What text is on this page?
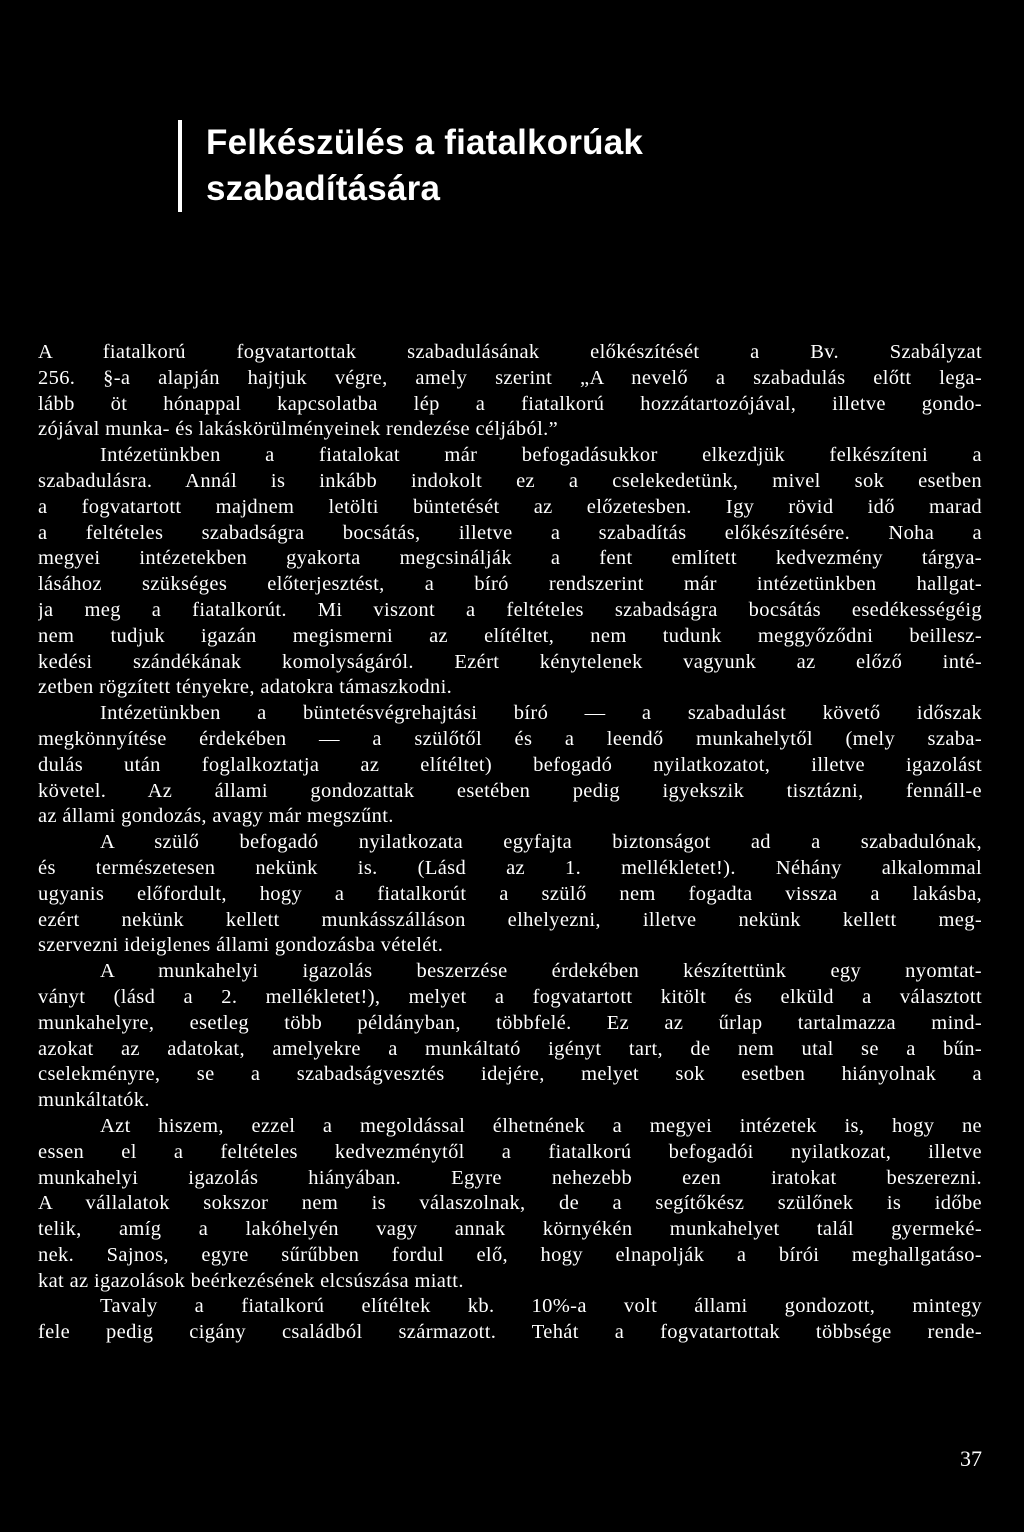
Felkészülés a fiatalkorúak
szabadítására
A fiatalkorú fogvatartottak szabadulásának előkészítését a Bv. Szabályzat
256. §-a alapján hajtjuk végre, amely szerint „A nevelő a szabadulás előtt lega-
lább öt hónappal kapcsolatba lép a fiatalkorú hozzátartozójával, illetve gondo-
zójával munka- és lakáskörülményeinek rendezése céljából.”
Intézetünkben a fiatalokat már befogadásukkor elkezdjük felkészíteni a
szabadulásra. Annál is inkább indokolt ez a cselekedetünk, mivel sok esetben
a fogvatartott majdnem letölti büntetését az előzetesben. Igy rövid idő marad
a feltételes szabadságra bocsátás, illetve a szabadítás előkészítésére. Noha a
megyei intézetekben gyakorta megcsinálják a fent említett kedvezmény tárgya-
lásához szükséges előterjesztést, a bíró rendszerint már intézetünkben hallgat-
ja meg a fiatalkorút. Mi viszont a feltételes szabadságra bocsátás esedékességéig
nem tudjuk igazán megismerni az elítéltet, nem tudunk meggyőződni beillesz-
kedési szándékának komolyságáról. Ezért kénytelenek vagyunk az előző inté-
zetben rögzített tényekre, adatokra támaszkodni.
Intézetünkben a büntetésvégrehajtási bíró — a szabadulást követő időszak
megkönnyítése érdekében — a szülőtől és a leendő munkahelytől (mely szaba-
dulás után foglalkoztatja az elítéltet) befogadó nyilatkozatot, illetve igazolást
követel. Az állami gondozattak esetében pedig igyekszik tisztázni, fennáll-e
az állami gondozás, avagy már megszűnt.
A szülő befogadó nyilatkozata egyfajta biztonságot ad a szabadulónak,
és természetesen nekünk is. (Lásd az 1. mellékletet!). Néhány alkalommal
ugyanis előfordult, hogy a fiatalkorút a szülő nem fogadta vissza a lakásba,
ezért nekünk kellett munkásszálláson elhelyezni, illetve nekünk kellett meg-
szervezni ideiglenes állami gondozásba vételét.
A munkahelyi igazolás beszerzése érdekében készítettünk egy nyomtat-
ványt (lásd a 2. mellékletet!), melyet a fogvatartott kitölt és elküld a választott
munkahelyre, esetleg több példányban, többfelé. Ez az űrlap tartalmazza mind-
azokat az adatokat, amelyekre a munkáltató igényt tart, de nem utal se a bűn-
cselekményre, se a szabadságvesztés idejére, melyet sok esetben hiányolnak a
munkáltatók.
Azt hiszem, ezzel a megoldással élhetnének a megyei intézetek is, hogy ne
essen el a feltételes kedvezménytől a fiatalkorú befogadói nyilatkozat, illetve
munkahelyi igazolás hiányában. Egyre nehezebb ezen iratokat beszerezni.
A vállalatok sokszor nem is válaszolnak, de a segítőkész szülőnek is időbe
telik, amíg a lakóhelyén vagy annak környékén munkahelyet talál gyermeké-
nek. Sajnos, egyre sűrűbben fordul elő, hogy elnapolják a bírói meghallgatáso-
kat az igazolások beérkezésének elcsúszása miatt.
Tavaly a fiatalkorú elítéltek kb. 10%-a volt állami gondozott, mintegy
fele pedig cigány családból származott. Tehát a fogvatartottak többsége rende-
37
